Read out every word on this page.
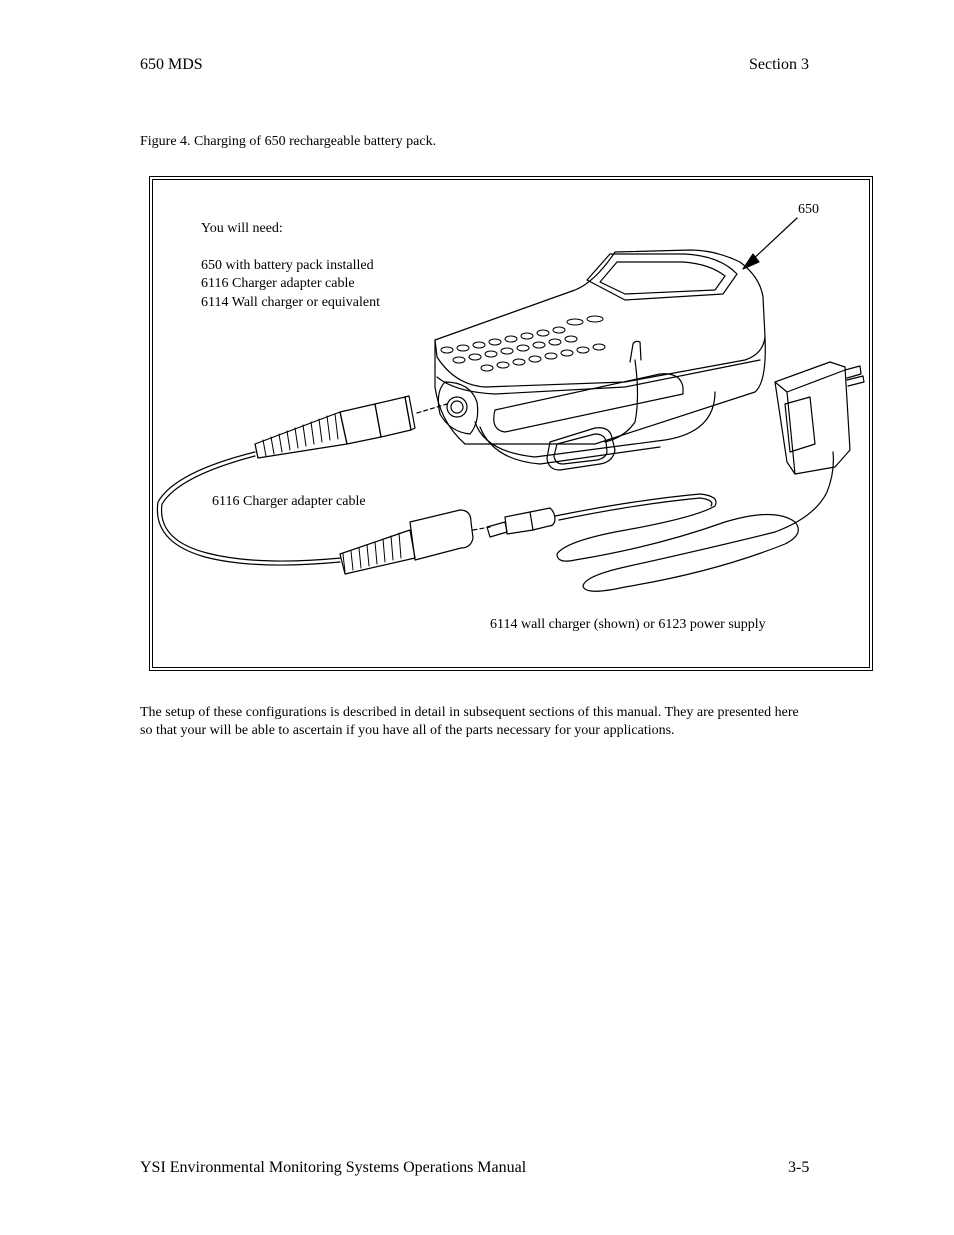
650 MDS	Section 3
Figure 4. Charging of 650 rechargeable battery pack.
You will need:
650 with battery pack installed
6116 Charger adapter cable
6114 Wall charger or equivalent
650
6116 Charger adapter cable
6114 wall charger (shown) or 6123 power supply

The setup of these configurations is described in detail in subsequent sections of this manual. They are presented here so that your will be able to ascertain if you have all of the parts necessary for your applications.

YSI Environmental Monitoring Systems Operations Manual	3-5
